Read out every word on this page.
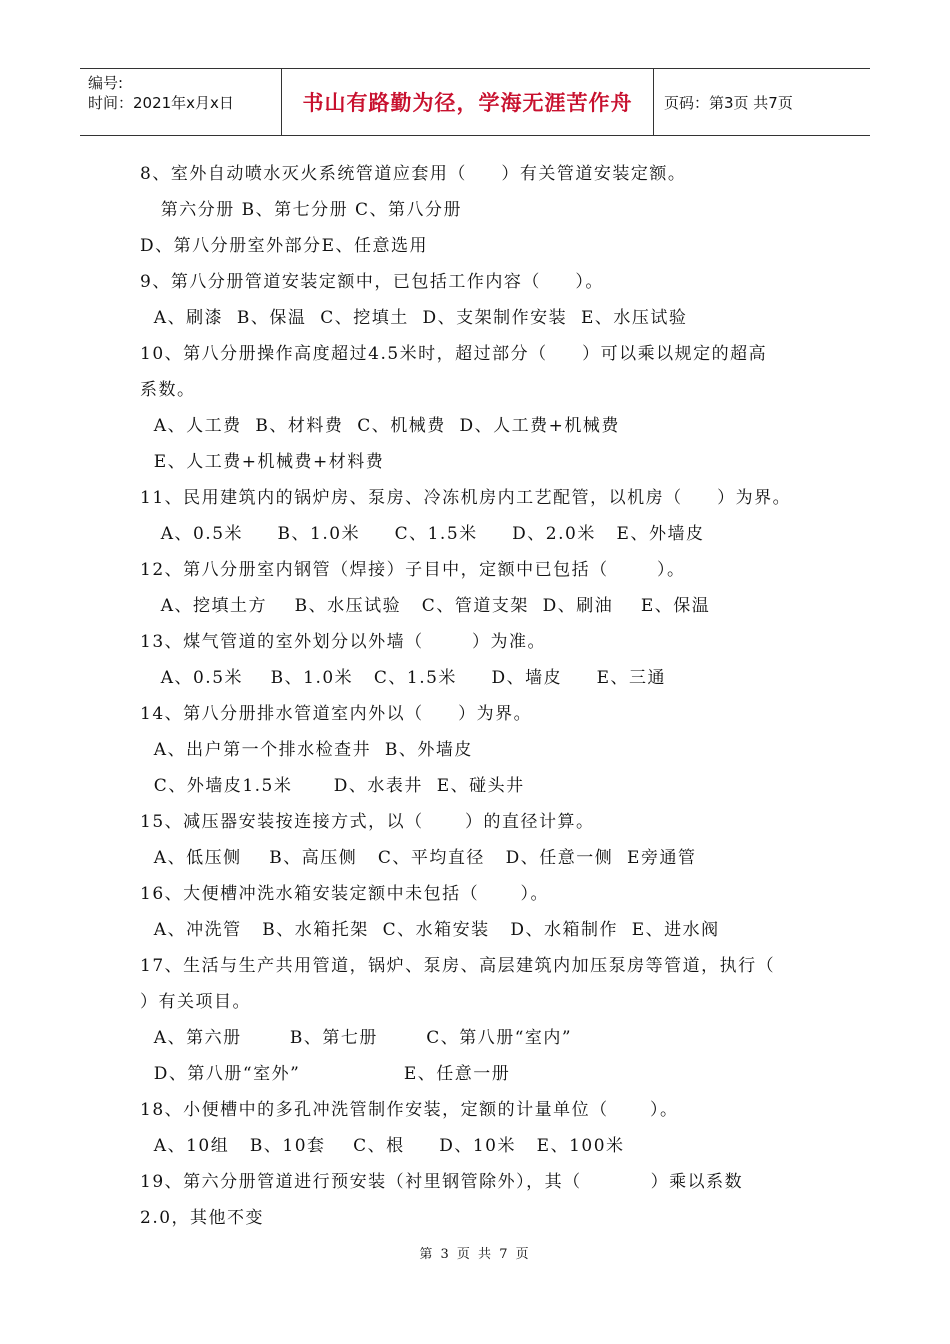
编号:
时间：2021年x月x日	书山有路勤为径，学海无涯苦作舟 页码：第3页 共7页
8、室外自动喷水灭火系统管道应套用（     ）有关管道安装定额。
第六分册 B、第七分册 C、第八分册
D、第八分册室外部分E、任意选用
9、第八分册管道安装定额中，已包括工作内容（     ）。
A、刷漆  B、保温  C、挖填土  D、支架制作安装  E、水压试验
10、第八分册操作高度超过4.5米时，超过部分（     ）可以乘以规定的超高
系数。
A、人工费  B、材料费  C、机械费  D、人工费+机械费
E、人工费+机械费+材料费
11、民用建筑内的锅炉房、泵房、冷冻机房内工艺配管，以机房（     ）为界。
A、0.5米     B、1.0米     C、1.5米     D、2.0米   E、外墙皮
12、第八分册室内钢管（焊接）子目中，定额中已包括（       ）。
A、挖填土方    B、水压试验   C、管道支架  D、刷油    E、保温
13、煤气管道的室外划分以外墙（       ）为准。
A、0.5米    B、1.0米   C、1.5米     D、墙皮     E、三通
14、第八分册排水管道室内外以（     ）为界。
A、出户第一个排水检查井  B、外墙皮
C、外墙皮1.5米      D、水表井  E、碰头井
15、减压器安装按连接方式，以（      ）的直径计算。
A、低压侧    B、高压侧   C、平均直径   D、任意一侧  E旁通管
16、大便槽冲洗水箱安装定额中未包括（      ）。
A、冲洗管   B、水箱托架  C、水箱安装   D、水箱制作  E、进水阀
17、生活与生产共用管道，锅炉、泵房、高层建筑内加压泵房等管道，执行（
）有关项目。
A、第六册       B、第七册       C、第八册“室内”
D、第八册“室外”               E、任意一册
18、小便槽中的多孔冲洗管制作安装，定额的计量单位（      ）。
A、10组   B、10套    C、根     D、10米   E、100米
19、第六分册管道进行预安装（衬里钢管除外），其（          ）乘以系数
2.0，其他不变
第 3 页 共 7 页
